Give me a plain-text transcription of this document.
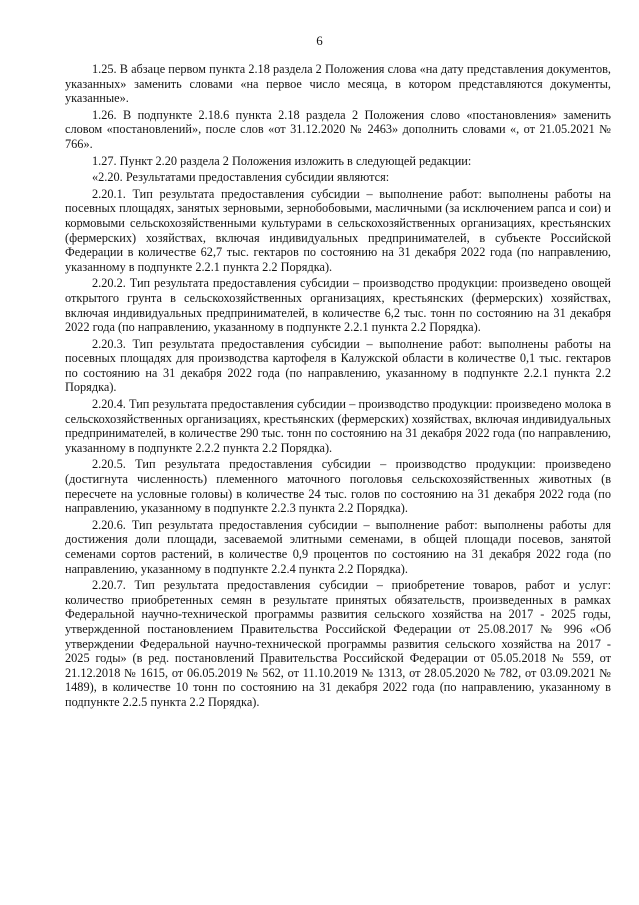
6

1.25. В абзаце первом пункта 2.18 раздела 2 Положения слова «на дату представления документов, указанных» заменить словами «на первое число месяца, в котором представляются документы, указанные».

1.26. В подпункте 2.18.6 пункта 2.18 раздела 2 Положения слово «постановления» заменить словом «постановлений», после слов «от 31.12.2020 № 2463» дополнить словами «, от 21.05.2021 № 766».

1.27. Пункт 2.20 раздела 2 Положения изложить в следующей редакции:

«2.20. Результатами предоставления субсидии являются:

2.20.1. Тип результата предоставления субсидии – выполнение работ: выполнены работы на посевных площадях, занятых зерновыми, зернобобовыми, масличными (за исключением рапса и сои) и кормовыми сельскохозяйственными культурами в сельскохозяйственных организациях, крестьянских (фермерских) хозяйствах, включая индивидуальных предпринимателей, в субъекте Российской Федерации в количестве 62,7 тыс. гектаров по состоянию на 31 декабря 2022 года (по направлению, указанному в подпункте 2.2.1 пункта 2.2 Порядка).

2.20.2. Тип результата предоставления субсидии – производство продукции: произведено овощей открытого грунта в сельскохозяйственных организациях, крестьянских (фермерских) хозяйствах, включая индивидуальных предпринимателей, в количестве 6,2 тыс. тонн по состоянию на 31 декабря 2022 года (по направлению, указанному в подпункте 2.2.1 пункта 2.2 Порядка).

2.20.3. Тип результата предоставления субсидии – выполнение работ: выполнены работы на посевных площадях для производства картофеля в Калужской области в количестве 0,1 тыс. гектаров по состоянию на 31 декабря 2022 года (по направлению, указанному в подпункте 2.2.1 пункта 2.2 Порядка).

2.20.4. Тип результата предоставления субсидии – производство продукции: произведено молока в сельскохозяйственных организациях, крестьянских (фермерских) хозяйствах, включая индивидуальных предпринимателей, в количестве 290 тыс. тонн по состоянию на 31 декабря 2022 года (по направлению, указанному в подпункте 2.2.2 пункта 2.2 Порядка).

2.20.5. Тип результата предоставления субсидии – производство продукции: произведено (достигнута численность) племенного маточного поголовья сельскохозяйственных животных (в пересчете на условные головы) в количестве 24 тыс. голов по состоянию на 31 декабря 2022 года (по направлению, указанному в подпункте 2.2.3 пункта 2.2 Порядка).

2.20.6. Тип результата предоставления субсидии – выполнение работ: выполнены работы для достижения доли площади, засеваемой элитными семенами, в общей площади посевов, занятой семенами сортов растений, в количестве 0,9 процентов по состоянию на 31 декабря 2022 года (по направлению, указанному в подпункте 2.2.4 пункта 2.2 Порядка).

2.20.7. Тип результата предоставления субсидии – приобретение товаров, работ и услуг: количество приобретенных семян в результате принятых обязательств, произведенных в рамках Федеральной научно-технической программы развития сельского хозяйства на 2017 - 2025 годы, утвержденной постановлением Правительства Российской Федерации от 25.08.2017 № 996 «Об утверждении Федеральной научно-технической программы развития сельского хозяйства на 2017 - 2025 годы» (в ред. постановлений Правительства Российской Федерации от 05.05.2018 № 559, от 21.12.2018 № 1615, от 06.05.2019 № 562, от 11.10.2019 № 1313, от 28.05.2020 № 782, от 03.09.2021 № 1489), в количестве 10 тонн по состоянию на 31 декабря 2022 года (по направлению, указанному в подпункте 2.2.5 пункта 2.2 Порядка).
